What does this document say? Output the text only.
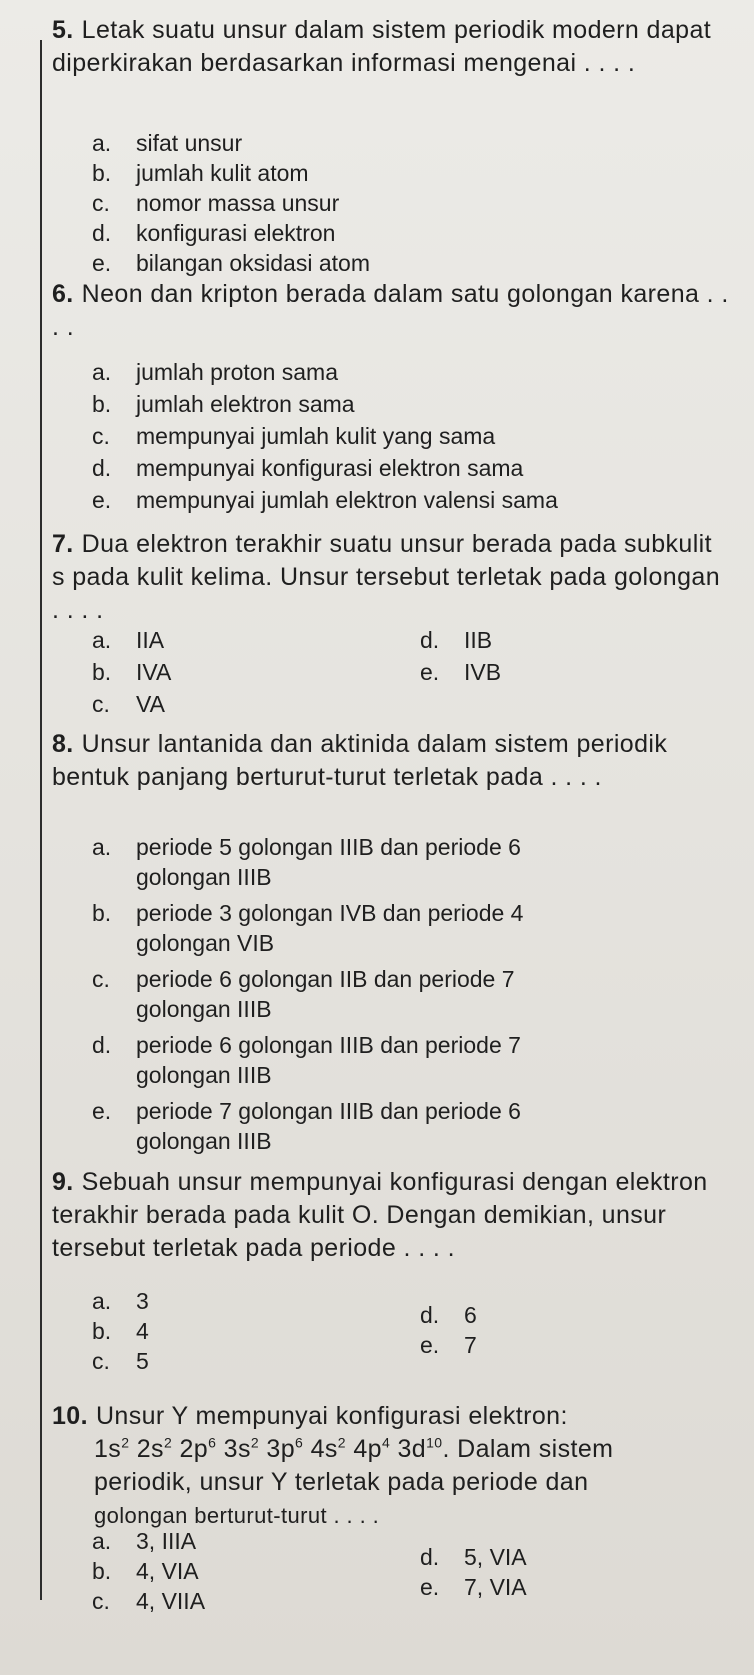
5. Letak suatu unsur dalam sistem periodik modern dapat diperkirakan berdasarkan informasi mengenai . . . .

a. sifat unsur
b. jumlah kulit atom
c. nomor massa unsur
d. konfigurasi elektron
e. bilangan oksidasi atom

6. Neon dan kripton berada dalam satu golongan karena . . . .

a. jumlah proton sama
b. jumlah elektron sama
c. mempunyai jumlah kulit yang sama
d. mempunyai konfigurasi elektron sama
e. mempunyai jumlah elektron valensi sama

7. Dua elektron terakhir suatu unsur berada pada subkulit s pada kulit kelima. Unsur tersebut terletak pada golongan . . . .

a. IIA
b. IVA
c. VA
d. IIB
e. IVB

8. Unsur lantanida dan aktinida dalam sistem periodik bentuk panjang berturut-turut terletak pada . . . .

a. periode 5 golongan IIIB dan periode 6
golongan IIIB
b. periode 3 golongan IVB dan periode 4
golongan VIB
c. periode 6 golongan IIB dan periode 7
golongan IIIB
d. periode 6 golongan IIIB dan periode 7
golongan IIIB
e. periode 7 golongan IIIB dan periode 6
golongan IIIB

9. Sebuah unsur mempunyai konfigurasi dengan elektron terakhir berada pada kulit O. Dengan demikian, unsur tersebut terletak pada periode . . . .

a. 3
b. 4
c. 5
d. 6
e. 7

10. Unsur Y mempunyai konfigurasi elektron:

$1s^2$ $2s^2$ $2p^6$ $3s^2$ $3p^6$ $4s^2$ $4p^4$ $3d^{10}$. Dalam sistem

periodik, unsur Y terletak pada periode dan

golongan berturut-turut . . . .

a. 3, IIIA
b. 4, VIA
c. 4, VIIA
d. 5, VIA
e. 7, VIA
